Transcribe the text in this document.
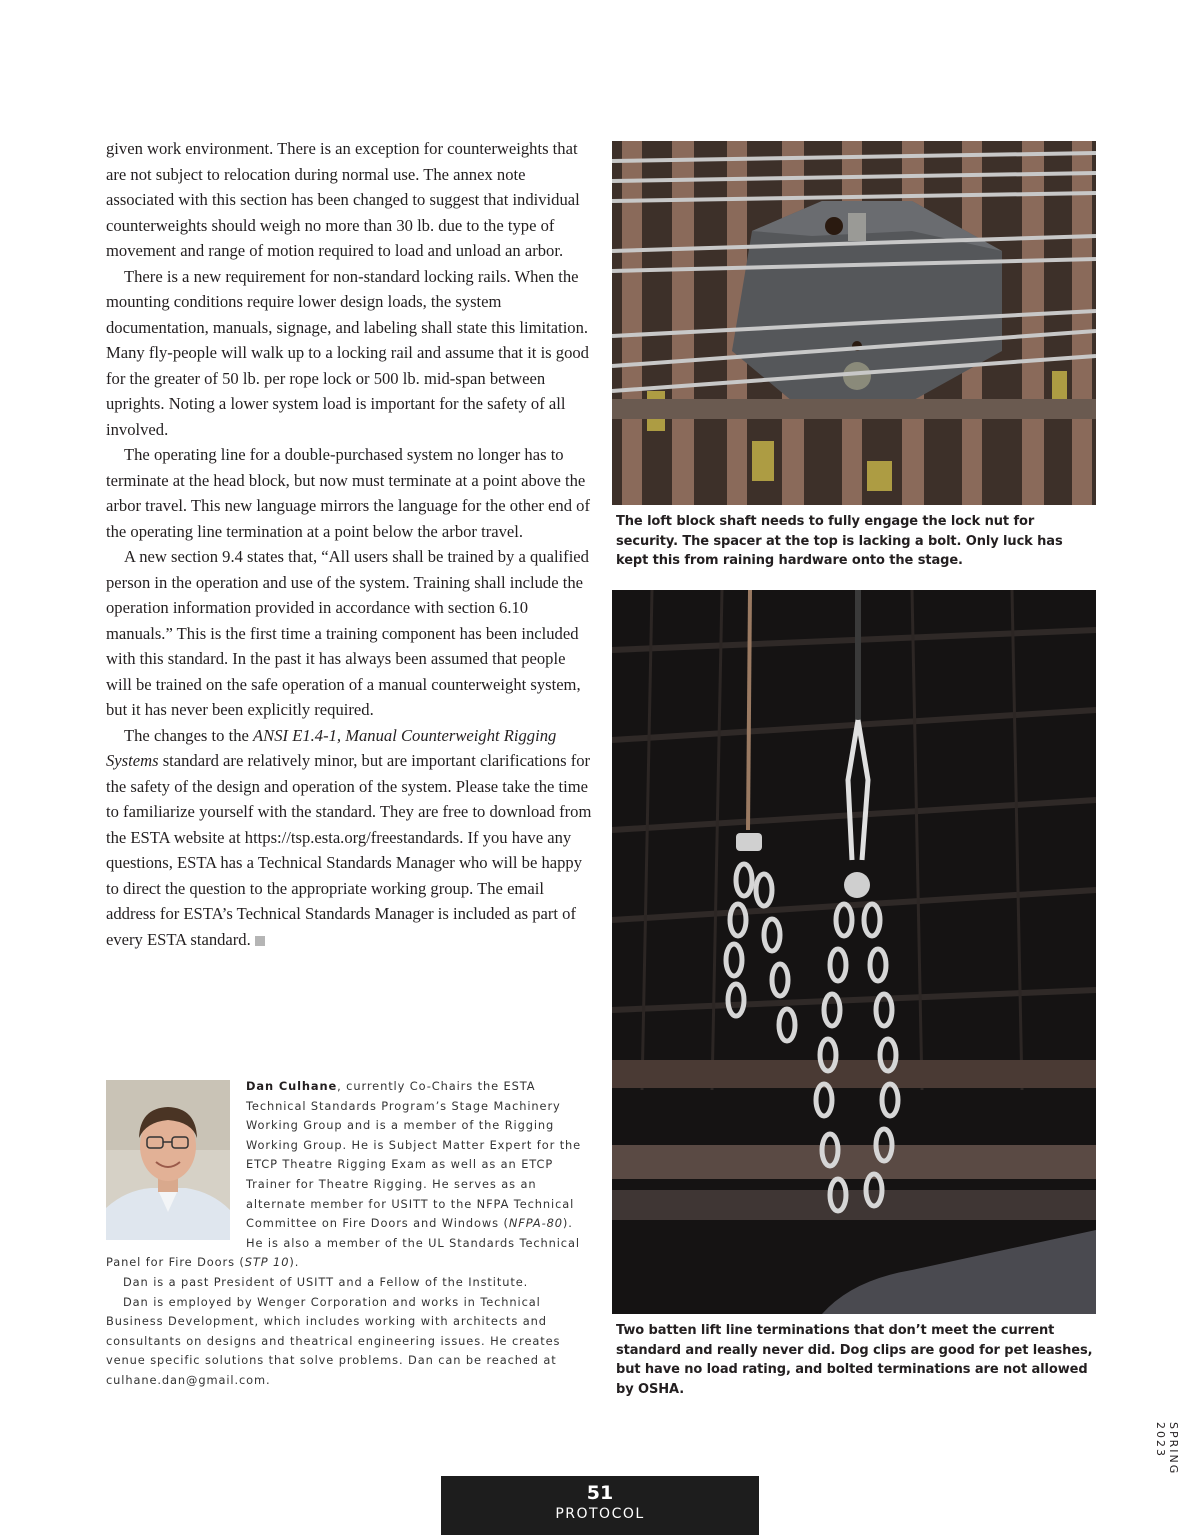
given work environment. There is an exception for counterweights that are not subject to relocation during normal use. The annex note associated with this section has been changed to suggest that individual counterweights should weigh no more than 30 lb. due to the type of movement and range of motion required to load and unload an arbor.

There is a new requirement for non-standard locking rails. When the mounting conditions require lower design loads, the system documentation, manuals, signage, and labeling shall state this limitation. Many fly-people will walk up to a locking rail and assume that it is good for the greater of 50 lb. per rope lock or 500 lb. mid-span between uprights. Noting a lower system load is important for the safety of all involved.

The operating line for a double-purchased system no longer has to terminate at the head block, but now must terminate at a point above the arbor travel. This new language mirrors the language for the other end of the operating line termination at a point below the arbor travel.

A new section 9.4 states that, “All users shall be trained by a qualified person in the operation and use of the system. Training shall include the operation information provided in accordance with section 6.10 manuals.” This is the first time a training component has been included with this standard. In the past it has always been assumed that people will be trained on the safe operation of a manual counterweight system, but it has never been explicitly required.

The changes to the ANSI E1.4-1, Manual Counterweight Rigging Systems standard are relatively minor, but are important clarifications for the safety of the design and operation of the system. Please take the time to familiarize yourself with the standard. They are free to download from the ESTA website at https://tsp.esta.org/freestandards. If you have any questions, ESTA has a Technical Standards Manager who will be happy to direct the question to the appropriate working group. The email address for ESTA’s Technical Standards Manager is included as part of every ESTA standard.

Dan Culhane, currently Co-Chairs the ESTA Technical Standards Program’s Stage Machinery Working Group and is a member of the Rigging Working Group. He is Subject Matter Expert for the ETCP Theatre Rigging Exam as well as an ETCP Trainer for Theatre Rigging. He serves as an alternate member for USITT to the NFPA Technical Committee on Fire Doors and Windows (NFPA-80). He is also a member of the UL Standards Technical Panel for Fire Doors (STP 10).

Dan is a past President of USITT and a Fellow of the Institute.

Dan is employed by Wenger Corporation and works in Technical Business Development, which includes working with architects and consultants on designs and theatrical engineering issues. He creates venue specific solutions that solve problems. Dan can be reached at culhane.dan@gmail.com.

The loft block shaft needs to fully engage the lock nut for security. The spacer at the top is lacking a bolt. Only luck has kept this from raining hardware onto the stage.
Two batten lift line terminations that don’t meet the current standard and really never did. Dog clips are good for pet leashes, but have no load rating, and bolted terminations are not allowed by OSHA.
SPRING 2023
51
PROTOCOL
